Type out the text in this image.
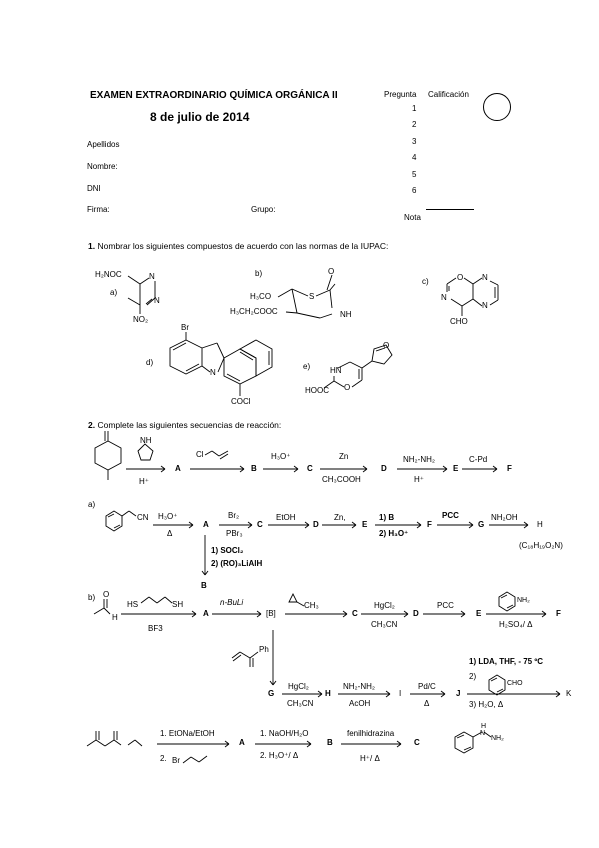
EXAMEN EXTRAORDINARIO QUÍMICA ORGÁNICA II
8 de julio de 2014
Apellidos
Nombre:
DNI
Firma:	Grupo:
Pregunta Calificación
1
2
3
4
5
6
Nota
1. Nombrar los siguientes compuestos de acuerdo con las normas de la IUPAC:
a)
b)
c)
d)	e)
H₂NOC	N
N
NO₂
H₃CO	S
O
H₃CH₂COOC	NH
O N
N
N
CHO
Br
N
COCl
HN
O
O
HOOC
2. Complete las siguientes secuencias de reacción:
NH
H⁺
A
Cl
B
H₃O⁺
C
Zn
CH₃COOH
D
NH₂-NH₂
H⁺
E
C-Pd
F
a)
CN H₃O⁺
Δ
A
Br₂
PBr₃
C
EtOH
D
Zn,
E
1) B
2) H₃O⁺
F
PCC
G
NH₂OH
H
(C₁₈H₁₉O₂N)
1) SOCl₂
2) (RO)₃LiAlH
B
b) O
H
HS	SH
BF3
A
n-BuLi
[B]
CH₃
C
HgCl₂
CH₃CN
D
PCC
E
NH₂
H₂SO₄/ Δ
F
Ph
G
HgCl₂
CH₃CN
H
NH₂-NH₂
AcOH
I
Pd/C
Δ
J
1) LDA, THF, - 75 ºC
2)
CHO
3) H₂O, Δ
K
1. EtONa/EtOH
2. Br
A
1. NaOH/H₂O
2. H₃O⁺/ Δ
B
fenilhidrazina
H⁺/ Δ
C
H
N
NH₂
